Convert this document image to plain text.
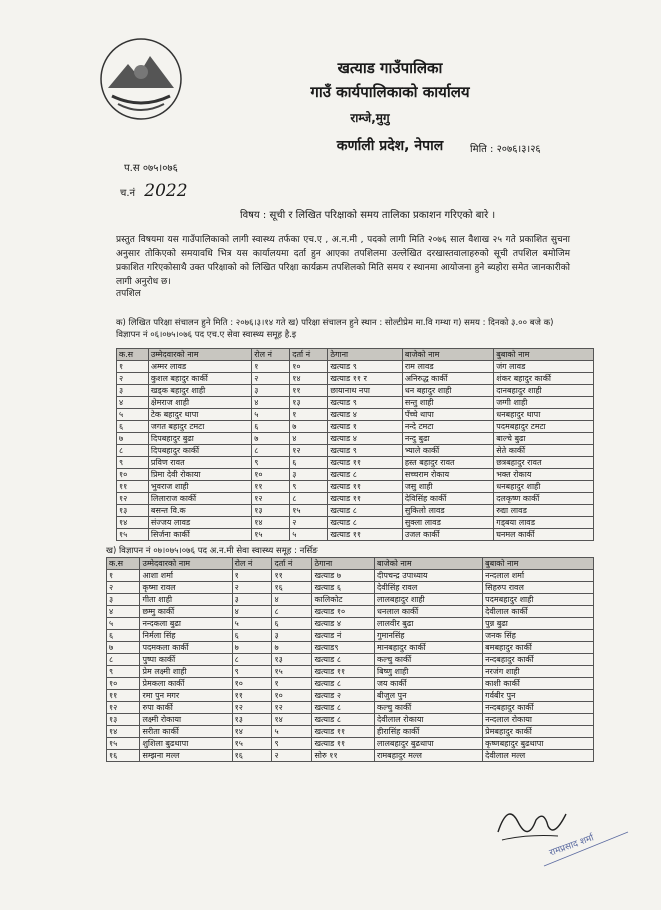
खत्याड गाउँपालिका
गाउँ कार्यपालिकाको कार्यालय
राम्जे,मुगु
कर्णाली प्रदेश, नेपाल	मिति : २०७६।३।२६
प.स ०७५।०७६
च.नं 2022
विषय : सूची र लिखित परिक्षाको समय तालिका प्रकाशन गरिएको बारे ।
प्रस्तुत विषयमा यस गाउँपालिकाको लागी स्वास्थ्य तर्फका एच.ए , अ.न.मी , पदको लागी मिति २०७६ साल वैशाख २५ गते प्रकाशित सुचना अनुसार तोकिएको समयावधि भित्र यस कार्यालयमा दर्ता हुन आएका तपशिलमा उल्लेखित दरखास्तवालाहरुको सूची तपशिल बमोजिम प्रकाशित गरिएकोसाथै उक्त परिक्षाको को लिखित परिक्षा कार्यक्रम तपशिलको मिति समय र स्थानमा आयोजना हुने ब्यहोरा समेत जानकारीको लागी अनुरोध छ।
तपशिल
क) लिखित परिक्षा संचालन हुने मिति : २०७६।३।१४ गते ख) परिक्षा संचालन हुने स्थान : सोल्टीप्रेम मा.वि गम्था ग) समय : दिनको ३.०० बजे क)
विज्ञापन नं ०६।०७५।०७६ पद एच.ए सेवा स्वास्थ्य समूह है.इ
क.स	उम्मेदवारको नाम	रोल नं	दर्ता नं	ठेगाना	बाजेको नाम	बुबाको नाम
१	अम्मर लावड	१	१०	खत्याड ९	राम लावड	जंग लावड
२	कुशल बहादुर कार्की	२	१४	खत्याड ११ र	अनिरुद्ध कार्की	शंकर बहादुर कार्की
३	खड्क बहादुर शाही	३	११	छायानाथ नपा	धन बहादुर शाही	दानबहादुर शाही
४	क्षेमराज शाही	४	१३	खत्याड ९	सन्तु शाही	जग्गी शाही
५	टेक बहादुर थापा	५	१	खत्याड ४	पँच्चे थापा	धनबहादुर थापा
६	जगत बहादुर टमटा	६	७	खत्याड १	नन्दे टमटा	पदमबहादुर टमटा
७	दिपबहादुर बुढा	७	४	खत्याड ४	नन्दु बुढा	बाल्चे बुढा
८	दिपबहादुर कार्की	८	१२	खत्याड ९	भ्याले कार्की	सेते कार्की
९	प्रविण रावत	९	६	खत्याड ११	हस्त बहादुर रावत	छत्रबहादुर रावत
१०	प्रिमा देवी रोकाया	१०	३	खत्याड ८	सच्चराम रोकाय	भक्त रोकाय
११	भुवराज शाही	११	९	खत्याड ११	जसु शाही	धनबहादुर शाही
१२	लिलाराज कार्की	१२	८	खत्याड ११	देविसिंह कार्की	दलकृष्ण कार्की
१३	बसन्त वि.क	१३	१५	खत्याड ८	सुकिलो लावड	रुद्या लावड
१४	संज्जय लावड	१४	२	खत्याड ८	सुक्ला लावड	गड्बया लावड
१५	सिर्जना कार्की	१५	५	खत्याड ११	उजल कार्की	घनमल कार्की
ख) विज्ञापन नं ०७।०७५।०७६ पद अ.न.मी सेवा स्वास्थ्य समूह : नर्सिङ
क.स	उम्मेदवारको नाम	रोल नं	दर्ता नं	ठेगाना	बाजेको नाम	बुबाको नाम
१	आशा शर्मा	१	११	खत्याड ७	दीपचन्द्र उपाध्याय	नन्दलाल शर्मा
२	कृष्मा रावल	२	१६	खत्याड ६	देवीसिंह रावल	सिहरुप रावल
३	गीता शाही	३	४	कालिकोट	लालबहादुर शाही	पदमबहादुर शाही
४	छम्मु कार्की	४	८	खत्याड १०	धनलाल कार्की	देवीलाल कार्की
५	नन्दकला बुढा	५	६	खत्याड ४	लालवीर बुढा	पुन्न बुढा
६	निर्मला सिंह	६	३	खत्याड नं	गुमानसिंह	जनक सिंह
७	पदमकला कार्की	७	७	खत्याड९	मानबहादुर कार्की	बमबहादुर कार्की
८	पुष्पा कार्की	८	१३	खत्याड ८	कल्चु कार्की	नन्दबहादुर कार्की
९	प्रेम लक्ष्मी शाही	९	१५	खत्याड ११	बिष्णु शाही	नरजंग शाही
१०	प्रेमकला कार्की	१०	१	खत्याड ८	जय कार्की	काशी कार्की
११	रमा पुन मगर	११	१०	खत्याड २	बीजुल पुन	गर्वबीर पुन
१२	रुपा कार्की	१२	१२	खत्याड ८	कल्चु कार्की	नन्दबहादुर कार्की
१३	लक्ष्मी रोकाया	१३	१४	खत्याड ८	देवीलाल रोकाया	नन्दलाल रोकाया
१४	सरीता कार्की	१४	५	खत्याड ११	हीरासिंह कार्की	प्रेमबहादुर कार्की
१५	शुशिला बुढथापा	१५	९	खत्याड ११	लालबहादुर बुढथापा	कृष्णबहादुर बुढथापा
१६	सम्झना मल्ल	१६	२	सोरु ११	रामबहादुर मल्ल	देवीलाल मल्ल
रामप्रसाद शर्मा
